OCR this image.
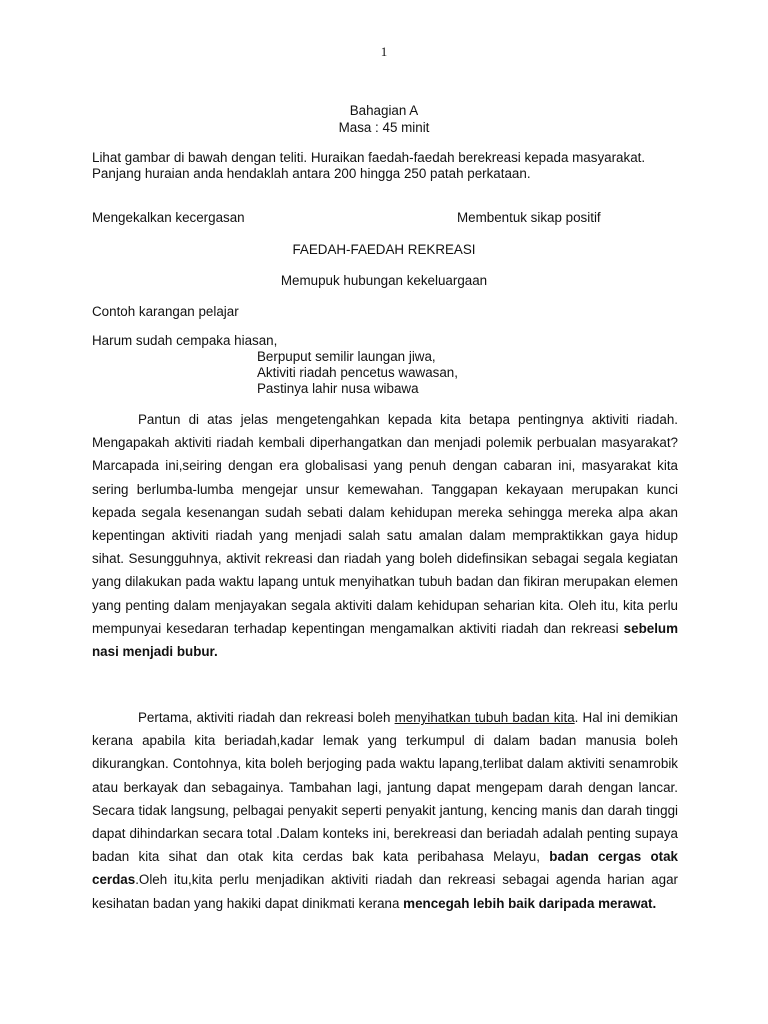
1
Bahagian A
Masa : 45 minit
Lihat gambar di bawah dengan teliti. Huraikan faedah-faedah berekreasi kepada masyarakat. Panjang huraian anda hendaklah antara 200 hingga 250 patah perkataan.
Mengekalkan kecergasan	Membentuk sikap positif
FAEDAH-FAEDAH REKREASI
Memupuk hubungan kekeluargaan
Contoh karangan pelajar
Harum sudah cempaka hiasan,
Berpuput semilir laungan jiwa,
Aktiviti riadah pencetus wawasan,
Pastinya lahir nusa wibawa

Pantun di atas jelas mengetengahkan kepada kita betapa pentingnya aktiviti riadah. Mengapakah aktiviti riadah kembali diperhangatkan dan menjadi polemik perbualan masyarakat? Marcapada ini,seiring dengan era globalisasi yang penuh dengan cabaran ini, masyarakat kita sering berlumba-lumba mengejar unsur kemewahan. Tanggapan kekayaan merupakan kunci kepada segala kesenangan sudah sebati dalam kehidupan mereka sehingga mereka alpa akan kepentingan aktiviti riadah yang menjadi salah satu amalan dalam mempraktikkan gaya hidup sihat. Sesungguhnya, aktivit rekreasi dan riadah yang boleh didefinsikan sebagai segala kegiatan yang dilakukan pada waktu lapang untuk menyihatkan tubuh badan dan fikiran merupakan elemen yang penting dalam menjayakan segala aktiviti dalam kehidupan seharian kita. Oleh itu, kita perlu mempunyai kesedaran terhadap kepentingan mengamalkan aktiviti riadah dan rekreasi sebelum nasi menjadi bubur.

Pertama, aktiviti riadah dan rekreasi boleh menyihatkan tubuh badan kita. Hal ini demikian kerana apabila kita beriadah,kadar lemak yang terkumpul di dalam badan manusia boleh dikurangkan. Contohnya, kita boleh berjoging pada waktu lapang,terlibat dalam aktiviti senamrobik atau berkayak dan sebagainya. Tambahan lagi, jantung dapat mengepam darah dengan lancar. Secara tidak langsung, pelbagai penyakit seperti penyakit jantung, kencing manis dan darah tinggi dapat dihindarkan secara total .Dalam konteks ini, berekreasi dan beriadah adalah penting supaya badan kita sihat dan otak kita cerdas bak kata peribahasa Melayu, badan cergas otak cerdas.Oleh itu,kita perlu menjadikan aktiviti riadah dan rekreasi sebagai agenda harian agar kesihatan badan yang hakiki dapat dinikmati kerana mencegah lebih baik daripada merawat.
